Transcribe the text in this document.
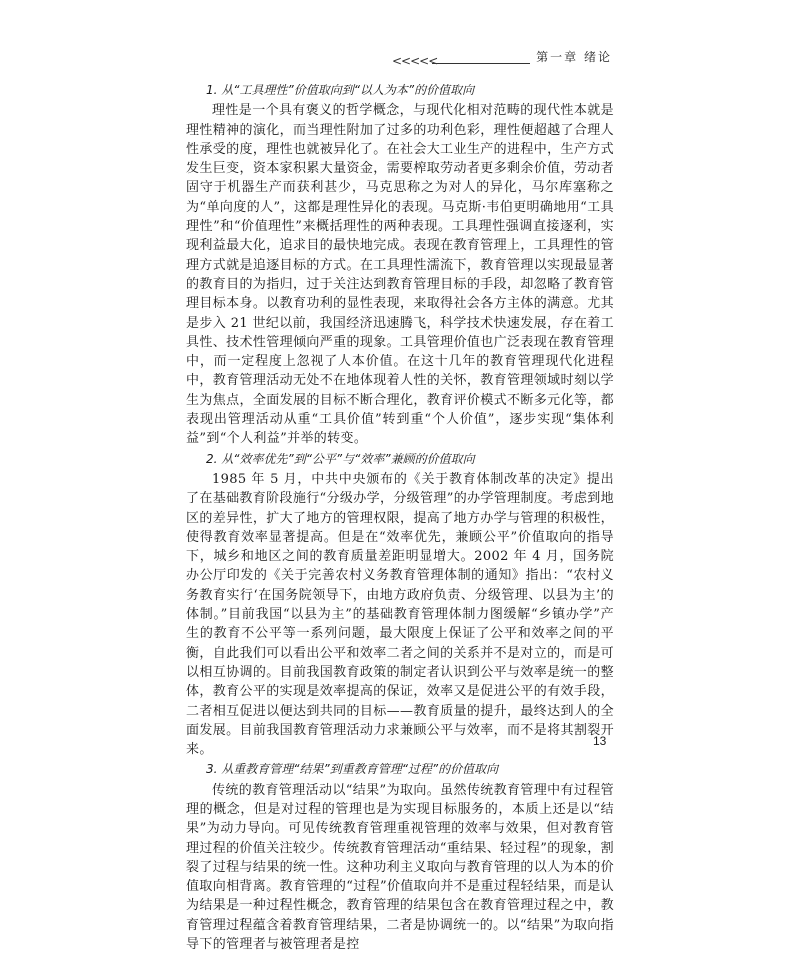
<<<<<	第一章 绪论
1. 从“工具理性”价值取向到“以人为本”的价值取向

理性是一个具有褒义的哲学概念，与现代化相对范畴的现代性本就是理性精神的演化，而当理性附加了过多的功利色彩，理性便超越了合理人性承受的度，理性也就被异化了。在社会大工业生产的进程中，生产方式发生巨变，资本家积累大量资金，需要榨取劳动者更多剩余价值，劳动者固守于机器生产而获利甚少，马克思称之为对人的异化，马尔库塞称之为“单向度的人”，这都是理性异化的表现。马克斯·韦伯更明确地用“工具理性”和“价值理性”来概括理性的两种表现。工具理性强调直接逐利，实现利益最大化，追求目的最快地完成。表现在教育管理上，工具理性的管理方式就是追逐目标的方式。在工具理性濡流下，教育管理以实现最显著的教育目的为指归，过于关注达到教育管理目标的手段，却忽略了教育管理目标本身。以教育功利的显性表现，来取得社会各方主体的满意。尤其是步入 21 世纪以前，我国经济迅速腾飞，科学技术快速发展，存在着工具性、技术性管理倾向严重的现象。工具管理价值也广泛表现在教育管理中，而一定程度上忽视了人本价值。在这十几年的教育管理现代化进程中，教育管理活动无处不在地体现着人性的关怀，教育管理领域时刻以学生为焦点，全面发展的目标不断合理化，教育评价模式不断多元化等，都表现出管理活动从重“工具价值”转到重“个人价值”，逐步实现“集体利益”到“个人利益”并举的转变。

2. 从“效率优先”到“公平”与“效率”兼顾的价值取向

1985 年 5 月，中共中央颁布的《关于教育体制改革的决定》提出了在基础教育阶段施行“分级办学，分级管理”的办学管理制度。考虑到地区的差异性，扩大了地方的管理权限，提高了地方办学与管理的积极性，使得教育效率显著提高。但是在“效率优先，兼顾公平”价值取向的指导下，城乡和地区之间的教育质量差距明显增大。2002 年 4 月，国务院办公厅印发的《关于完善农村义务教育管理体制的通知》指出：“农村义务教育实行‘在国务院领导下，由地方政府负责、分级管理、以县为主’的体制。”目前我国“以县为主”的基础教育管理体制力图缓解“乡镇办学”产生的教育不公平等一系列问题，最大限度上保证了公平和效率之间的平衡，自此我们可以看出公平和效率二者之间的关系并不是对立的，而是可以相互协调的。目前我国教育政策的制定者认识到公平与效率是统一的整体，教育公平的实现是效率提高的保证，效率又是促进公平的有效手段，二者相互促进以便达到共同的目标——教育质量的提升，最终达到人的全面发展。目前我国教育管理活动力求兼顾公平与效率，而不是将其割裂开来。

3. 从重教育管理“结果”到重教育管理“过程”的价值取向

传统的教育管理活动以“结果”为取向。虽然传统教育管理中有过程管理的概念，但是对过程的管理也是为实现目标服务的，本质上还是以“结果”为动力导向。可见传统教育管理重视管理的效率与效果，但对教育管理过程的价值关注较少。传统教育管理活动“重结果、轻过程”的现象，割裂了过程与结果的统一性。这种功利主义取向与教育管理的以人为本的价值取向相背离。教育管理的“过程”价值取向并不是重过程轻结果，而是认为结果是一种过程性概念，教育管理的结果包含在教育管理过程之中，教育管理过程蕴含着教育管理结果，二者是协调统一的。以“结果”为取向指导下的管理者与被管理者是控

13
